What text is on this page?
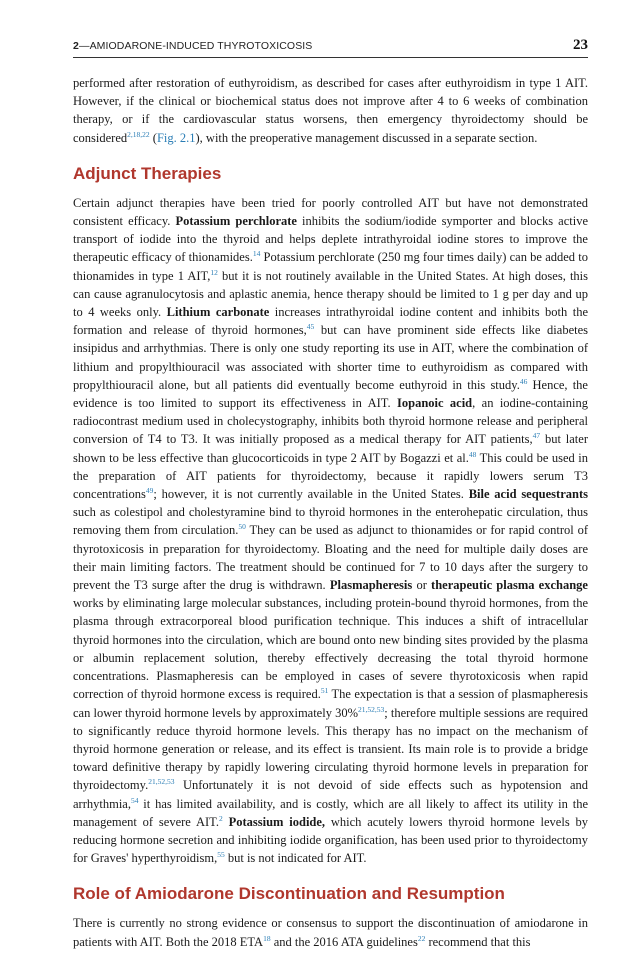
2—AMIODARONE-INDUCED THYROTOXICOSIS	23

performed after restoration of euthyroidism, as described for cases after euthyroidism in type 1 AIT. However, if the clinical or biochemical status does not improve after 4 to 6 weeks of combination therapy, or if the cardiovascular status worsens, then emergency thyroidectomy should be considered$^{2,18,22}$ (Fig. 2.1), with the preoperative management discussed in a separate section.

Adjunct Therapies

Certain adjunct therapies have been tried for poorly controlled AIT but have not demonstrated consistent efficacy. Potassium perchlorate inhibits the sodium/iodide symporter and blocks active transport of iodide into the thyroid and helps deplete intrathyroidal iodine stores to improve the therapeutic efficacy of thionamides.$^{14}$ Potassium perchlorate (250 mg four times daily) can be added to thionamides in type 1 AIT,$^{12}$ but it is not routinely available in the United States. At high doses, this can cause agranulocytosis and aplastic anemia, hence therapy should be limited to 1 g per day and up to 4 weeks only. Lithium carbonate increases intrathyroidal iodine content and inhibits both the formation and release of thyroid hormones,$^{45}$ but can have prominent side effects like diabetes insipidus and arrhythmias. There is only one study reporting its use in AIT, where the combination of lithium and propylthiouracil was associated with shorter time to euthyroidism as compared with propylthiouracil alone, but all patients did eventually become euthyroid in this study.$^{46}$ Hence, the evidence is too limited to support its effectiveness in AIT. Iopanoic acid, an iodine-containing radiocontrast medium used in cholecystography, inhibits both thyroid hormone release and peripheral conversion of T4 to T3. It was initially proposed as a medical therapy for AIT patients,$^{47}$ but later shown to be less effective than glucocorticoids in type 2 AIT by Bogazzi et al.$^{48}$ This could be used in the preparation of AIT patients for thyroidectomy, because it rapidly lowers serum T3 concentrations$^{49}$; however, it is not currently available in the United States. Bile acid sequestrants such as colestipol and cholestyramine bind to thyroid hormones in the enterohepatic circulation, thus removing them from circulation.$^{50}$ They can be used as adjunct to thionamides or for rapid control of thyrotoxicosis in preparation for thyroidectomy. Bloating and the need for multiple daily doses are their main limiting factors. The treatment should be continued for 7 to 10 days after the surgery to prevent the T3 surge after the drug is withdrawn. Plasmapheresis or therapeutic plasma exchange works by eliminating large molecular substances, including protein-bound thyroid hormones, from the plasma through extracorporeal blood purification technique. This induces a shift of intracellular thyroid hormones into the circulation, which are bound onto new binding sites provided by the plasma or albumin replacement solution, thereby effectively decreasing the total thyroid hormone concentrations. Plasmapheresis can be employed in cases of severe thyrotoxicosis when rapid correction of thyroid hormone excess is required.$^{51}$ The expectation is that a session of plasmapheresis can lower thyroid hormone levels by approximately 30%$^{21,52,53}$; therefore multiple sessions are required to significantly reduce thyroid hormone levels. This therapy has no impact on the mechanism of thyroid hormone generation or release, and its effect is transient. Its main role is to provide a bridge toward definitive therapy by rapidly lowering circulating thyroid hormone levels in preparation for thyroidectomy.$^{21,52,53}$ Unfortunately it is not devoid of side effects such as hypotension and arrhythmia,$^{54}$ it has limited availability, and is costly, which are all likely to affect its utility in the management of severe AIT.$^2$ Potassium iodide, which acutely lowers thyroid hormone levels by reducing hormone secretion and inhibiting iodide organification, has been used prior to thyroidectomy for Graves' hyperthyroidism,$^{55}$ but is not indicated for AIT.

Role of Amiodarone Discontinuation and Resumption

There is currently no strong evidence or consensus to support the discontinuation of amiodarone in patients with AIT. Both the 2018 ETA$^{18}$ and the 2016 ATA guidelines$^{22}$ recommend that this
